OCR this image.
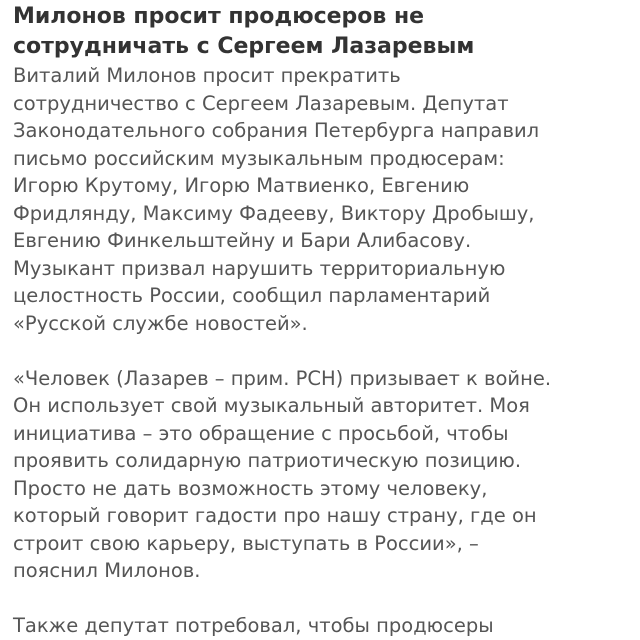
Милонов просит продюсеров не
сотрудничать с Сергеем Лазаревым

Виталий Милонов просит прекратить
сотрудничество с Сергеем Лазаревым. Депутат
Законодательного собрания Петербурга направил
письмо российским музыкальным продюсерам:
Игорю Крутому, Игорю Матвиенко, Евгению
Фридлянду, Максиму Фадееву, Виктору Дробышу,
Евгению Финкельштейну и Бари Алибасову.
Музыкант призвал нарушить территориальную
целостность России, сообщил парламентарий
«Русской службе новостей».

«Человек (Лазарев – прим. РСН) призывает к войне.
Он использует свой музыкальный авторитет. Моя
инициатива – это обращение с просьбой, чтобы
проявить солидарную патриотическую позицию.
Просто не дать возможность этому человеку,
который говорит гадости про нашу страну, где он
строит свою карьеру, выступать в России», –
пояснил Милонов.

Также депутат потребовал, чтобы продюсеры
